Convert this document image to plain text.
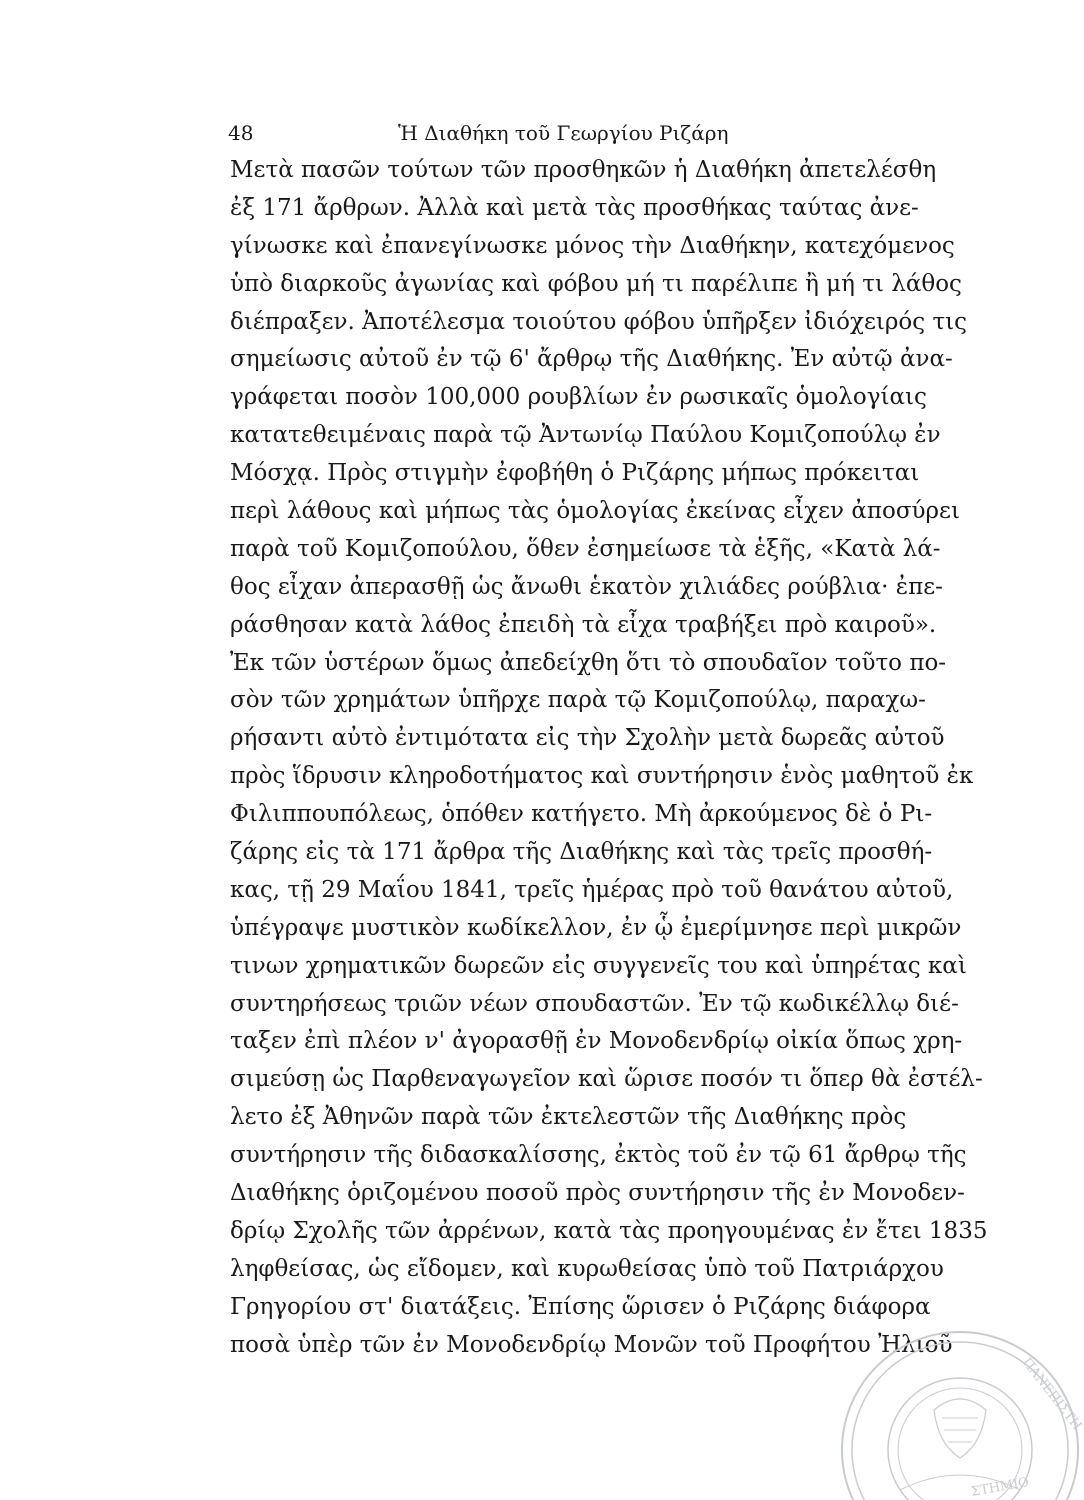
48	Ἡ Διαθήκη τοῦ Γεωργίου Ριζάρη
Μετὰ πασῶν τούτων τῶν προσθηκῶν ἡ Διαθήκη ἀπετελέσθη
ἐξ 171 ἄρθρων. Ἀλλὰ καὶ μετὰ τὰς προσθήκας ταύτας ἀνε-
γίνωσκε καὶ ἐπανεγίνωσκε μόνος τὴν Διαθήκην, κατεχόμενος
ὑπὸ διαρκοῦς ἀγωνίας καὶ φόβου μή τι παρέλιπε ἢ μή τι λάθος
διέπραξεν. Ἀποτέλεσμα τοιούτου φόβου ὑπῆρξεν ἰδιόχειρός τις
σημείωσις αὐτοῦ ἐν τῷ 6' ἄρθρῳ τῆς Διαθήκης. Ἐν αὐτῷ ἀνα-
γράφεται ποσὸν 100,000 ρουβλίων ἐν ρωσικαῖς ὁμολογίαις
κατατεθειμέναις παρὰ τῷ Ἀντωνίῳ Παύλου Κομιζοπούλῳ ἐν
Μόσχᾳ. Πρὸς στιγμὴν ἐφοβήθη ὁ Ριζάρης μήπως πρόκειται
περὶ λάθους καὶ μήπως τὰς ὁμολογίας ἐκείνας εἶχεν ἀποσύρει
παρὰ τοῦ Κομιζοπούλου, ὅθεν ἐσημείωσε τὰ ἑξῆς, «Κατὰ λά-
θος εἶχαν ἀπερασθῇ ὡς ἄνωθι ἑκατὸν χιλιάδες ρούβλια· ἐπε-
ράσθησαν κατὰ λάθος ἐπειδὴ τὰ εἶχα τραβήξει πρὸ καιροῦ».
Ἐκ τῶν ὑστέρων ὅμως ἀπεδείχθη ὅτι τὸ σπουδαῖον τοῦτο πο-
σὸν τῶν χρημάτων ὑπῆρχε παρὰ τῷ Κομιζοπούλῳ, παραχω-
ρήσαντι αὐτὸ ἐντιμότατα εἰς τὴν Σχολὴν μετὰ δωρεᾶς αὐτοῦ
πρὸς ἵδρυσιν κληροδοτήματος καὶ συντήρησιν ἑνὸς μαθητοῦ ἐκ
Φιλιππουπόλεως, ὁπόθεν κατήγετο. Μὴ ἀρκούμενος δὲ ὁ Ρι-
ζάρης εἰς τὰ 171 ἄρθρα τῆς Διαθήκης καὶ τὰς τρεῖς προσθή-
κας, τῇ 29 Μαΐου 1841, τρεῖς ἡμέρας πρὸ τοῦ θανάτου αὐτοῦ,
ὑπέγραψε μυστικὸν κωδίκελλον, ἐν ᾧ ἐμερίμνησε περὶ μικρῶν
τινων χρηματικῶν δωρεῶν εἰς συγγενεῖς του καὶ ὑπηρέτας καὶ
συντηρήσεως τριῶν νέων σπουδαστῶν. Ἐν τῷ κωδικέλλῳ διέ-
ταξεν ἐπὶ πλέον ν' ἀγορασθῇ ἐν Μονοδενδρίῳ οἰκία ὅπως χρη-
σιμεύσῃ ὡς Παρθεναγωγεῖον καὶ ὥρισε ποσόν τι ὅπερ θὰ ἐστέλ-
λετο ἐξ Ἀθηνῶν παρὰ τῶν ἐκτελεστῶν τῆς Διαθήκης πρὸς
συντήρησιν τῆς διδασκαλίσσης, ἐκτὸς τοῦ ἐν τῷ 61 ἄρθρῳ τῆς
Διαθήκης ὁριζομένου ποσοῦ πρὸς συντήρησιν τῆς ἐν Μονοδεν-
δρίῳ Σχολῆς τῶν ἀρρένων, κατὰ τὰς προηγουμένας ἐν ἔτει 1835
ληφθείσας, ὡς εἴδομεν, καὶ κυρωθείσας ὑπὸ τοῦ Πατριάρχου
Γρηγορίου στ' διατάξεις. Ἐπίσης ὥρισεν ὁ Ριζάρης διάφορα
ποσὰ ὑπὲρ τῶν ἐν Μονοδενδρίῳ Μονῶν τοῦ Προφήτου Ἠλιοῦ
ΠΑΝΕΠΙΣΤΗ
ΣΤΗΜΙΟ
